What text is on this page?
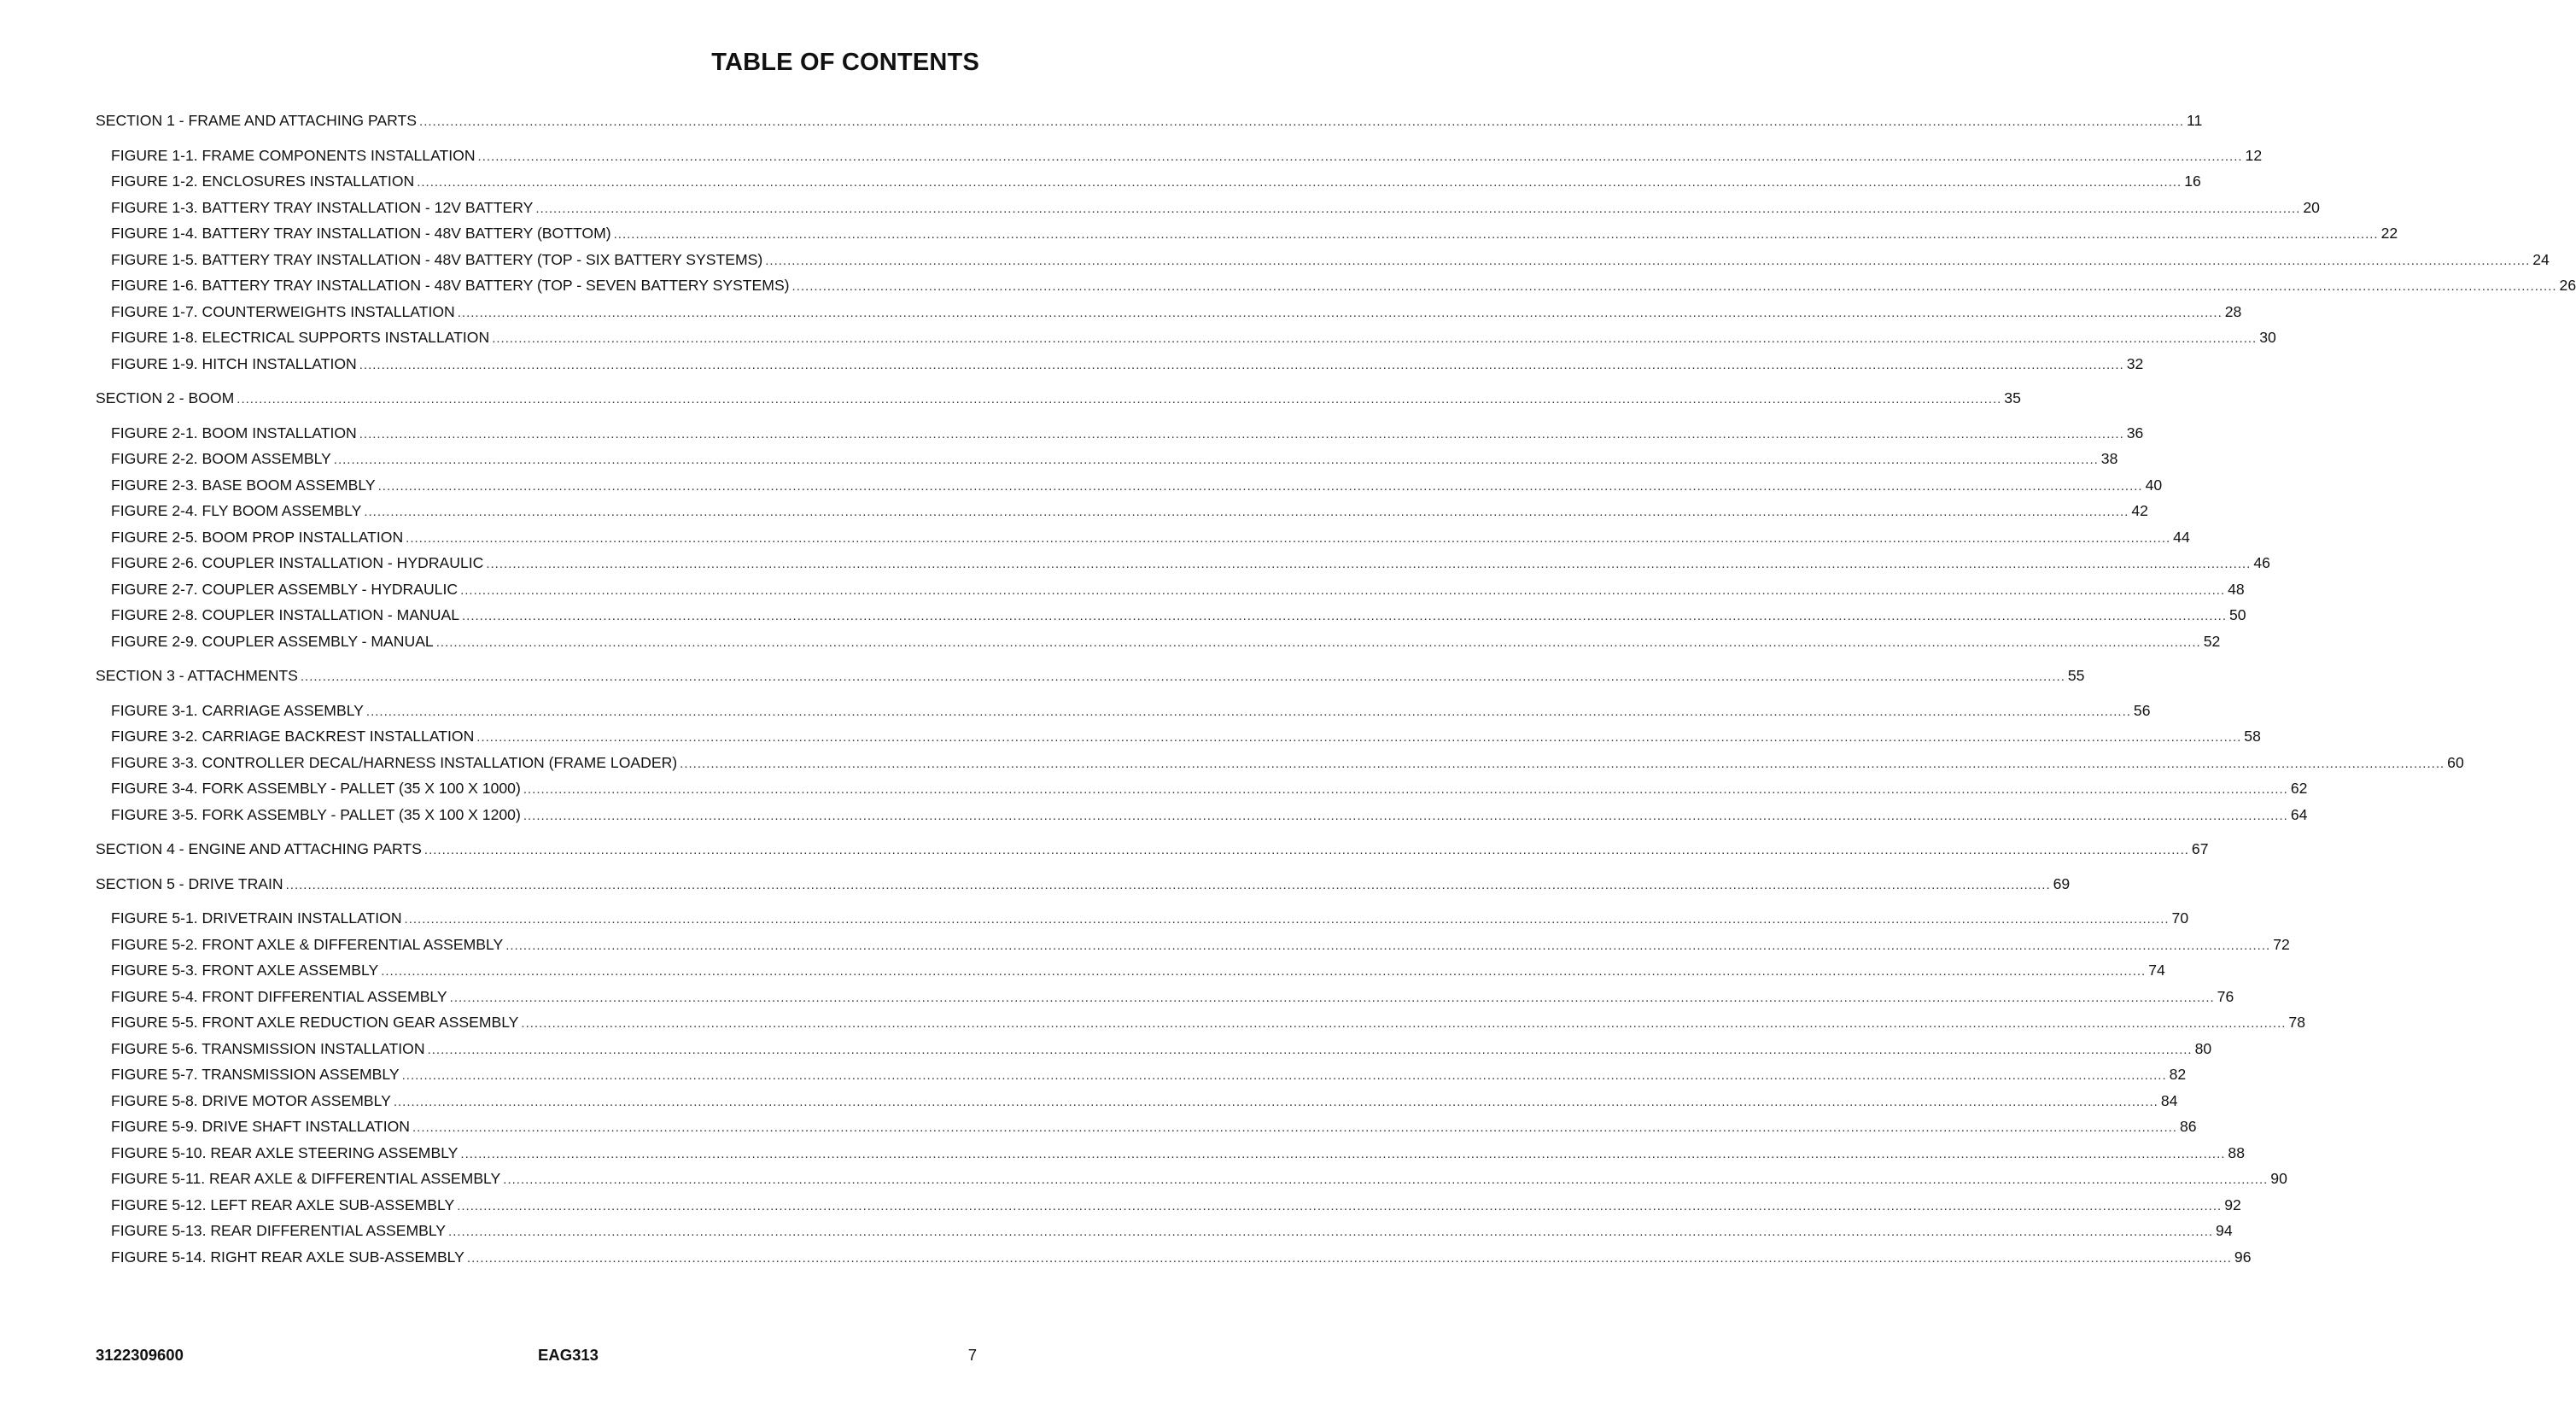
TABLE OF CONTENTS
SECTION 1 - FRAME AND ATTACHING PARTS ................................................................................................................................................................................................................................................................................................................................................................................................................ 11
FIGURE 1-1. FRAME COMPONENTS INSTALLATION ................................................................................................................................................................................................................................................................................................................................................................................................................ 12
FIGURE 1-2. ENCLOSURES INSTALLATION ................................................................................................................................................................................................................................................................................................................................................................................................................ 16
FIGURE 1-3. BATTERY TRAY INSTALLATION - 12V BATTERY ................................................................................................................................................................................................................................................................................................................................................................................................................ 20
FIGURE 1-4. BATTERY TRAY INSTALLATION - 48V BATTERY (BOTTOM) ................................................................................................................................................................................................................................................................................................................................................................................................................ 22
FIGURE 1-5. BATTERY TRAY INSTALLATION - 48V BATTERY (TOP - SIX BATTERY SYSTEMS) ................................................................................................................................................................................................................................................................................................................................................................................................................ 24
FIGURE 1-6. BATTERY TRAY INSTALLATION - 48V BATTERY (TOP - SEVEN BATTERY SYSTEMS) ................................................................................................................................................................................................................................................................................................................................................................................................................ 26
FIGURE 1-7. COUNTERWEIGHTS INSTALLATION ................................................................................................................................................................................................................................................................................................................................................................................................................ 28
FIGURE 1-8. ELECTRICAL SUPPORTS INSTALLATION ................................................................................................................................................................................................................................................................................................................................................................................................................ 30
FIGURE 1-9. HITCH INSTALLATION ................................................................................................................................................................................................................................................................................................................................................................................................................ 32
SECTION 2 - BOOM ................................................................................................................................................................................................................................................................................................................................................................................................................ 35
FIGURE 2-1. BOOM INSTALLATION ................................................................................................................................................................................................................................................................................................................................................................................................................ 36
FIGURE 2-2. BOOM ASSEMBLY ................................................................................................................................................................................................................................................................................................................................................................................................................ 38
FIGURE 2-3. BASE BOOM ASSEMBLY ................................................................................................................................................................................................................................................................................................................................................................................................................ 40
FIGURE 2-4. FLY BOOM ASSEMBLY ................................................................................................................................................................................................................................................................................................................................................................................................................ 42
FIGURE 2-5. BOOM PROP INSTALLATION ................................................................................................................................................................................................................................................................................................................................................................................................................ 44
FIGURE 2-6. COUPLER INSTALLATION - HYDRAULIC ................................................................................................................................................................................................................................................................................................................................................................................................................ 46
FIGURE 2-7. COUPLER ASSEMBLY - HYDRAULIC ................................................................................................................................................................................................................................................................................................................................................................................................................ 48
FIGURE 2-8. COUPLER INSTALLATION - MANUAL ................................................................................................................................................................................................................................................................................................................................................................................................................ 50
FIGURE 2-9. COUPLER ASSEMBLY - MANUAL ................................................................................................................................................................................................................................................................................................................................................................................................................ 52
SECTION 3 - ATTACHMENTS ................................................................................................................................................................................................................................................................................................................................................................................................................ 55
FIGURE 3-1. CARRIAGE ASSEMBLY ................................................................................................................................................................................................................................................................................................................................................................................................................ 56
FIGURE 3-2. CARRIAGE BACKREST INSTALLATION ................................................................................................................................................................................................................................................................................................................................................................................................................ 58
FIGURE 3-3. CONTROLLER DECAL/HARNESS INSTALLATION (FRAME LOADER) ................................................................................................................................................................................................................................................................................................................................................................................................................ 60
FIGURE 3-4. FORK ASSEMBLY - PALLET (35 X 100 X 1000) ................................................................................................................................................................................................................................................................................................................................................................................................................ 62
FIGURE 3-5. FORK ASSEMBLY - PALLET (35 X 100 X 1200) ................................................................................................................................................................................................................................................................................................................................................................................................................ 64
SECTION 4 - ENGINE AND ATTACHING PARTS ................................................................................................................................................................................................................................................................................................................................................................................................................ 67
SECTION 5 - DRIVE TRAIN ................................................................................................................................................................................................................................................................................................................................................................................................................ 69
FIGURE 5-1. DRIVETRAIN INSTALLATION ................................................................................................................................................................................................................................................................................................................................................................................................................ 70
FIGURE 5-2. FRONT AXLE & DIFFERENTIAL ASSEMBLY ................................................................................................................................................................................................................................................................................................................................................................................................................ 72
FIGURE 5-3. FRONT AXLE ASSEMBLY ................................................................................................................................................................................................................................................................................................................................................................................................................ 74
FIGURE 5-4. FRONT DIFFERENTIAL ASSEMBLY ................................................................................................................................................................................................................................................................................................................................................................................................................ 76
FIGURE 5-5. FRONT AXLE REDUCTION GEAR ASSEMBLY ................................................................................................................................................................................................................................................................................................................................................................................................................ 78
FIGURE 5-6. TRANSMISSION INSTALLATION ................................................................................................................................................................................................................................................................................................................................................................................................................ 80
FIGURE 5-7. TRANSMISSION ASSEMBLY ................................................................................................................................................................................................................................................................................................................................................................................................................ 82
FIGURE 5-8. DRIVE MOTOR ASSEMBLY ................................................................................................................................................................................................................................................................................................................................................................................................................ 84
FIGURE 5-9. DRIVE SHAFT INSTALLATION ................................................................................................................................................................................................................................................................................................................................................................................................................ 86
FIGURE 5-10. REAR AXLE STEERING ASSEMBLY ................................................................................................................................................................................................................................................................................................................................................................................................................ 88
FIGURE 5-11. REAR AXLE & DIFFERENTIAL ASSEMBLY ................................................................................................................................................................................................................................................................................................................................................................................................................ 90
FIGURE 5-12. LEFT REAR AXLE SUB-ASSEMBLY ................................................................................................................................................................................................................................................................................................................................................................................................................ 92
FIGURE 5-13. REAR DIFFERENTIAL ASSEMBLY ................................................................................................................................................................................................................................................................................................................................................................................................................ 94
FIGURE 5-14. RIGHT REAR AXLE SUB-ASSEMBLY ................................................................................................................................................................................................................................................................................................................................................................................................................ 96
3122309600	EAG313	7
